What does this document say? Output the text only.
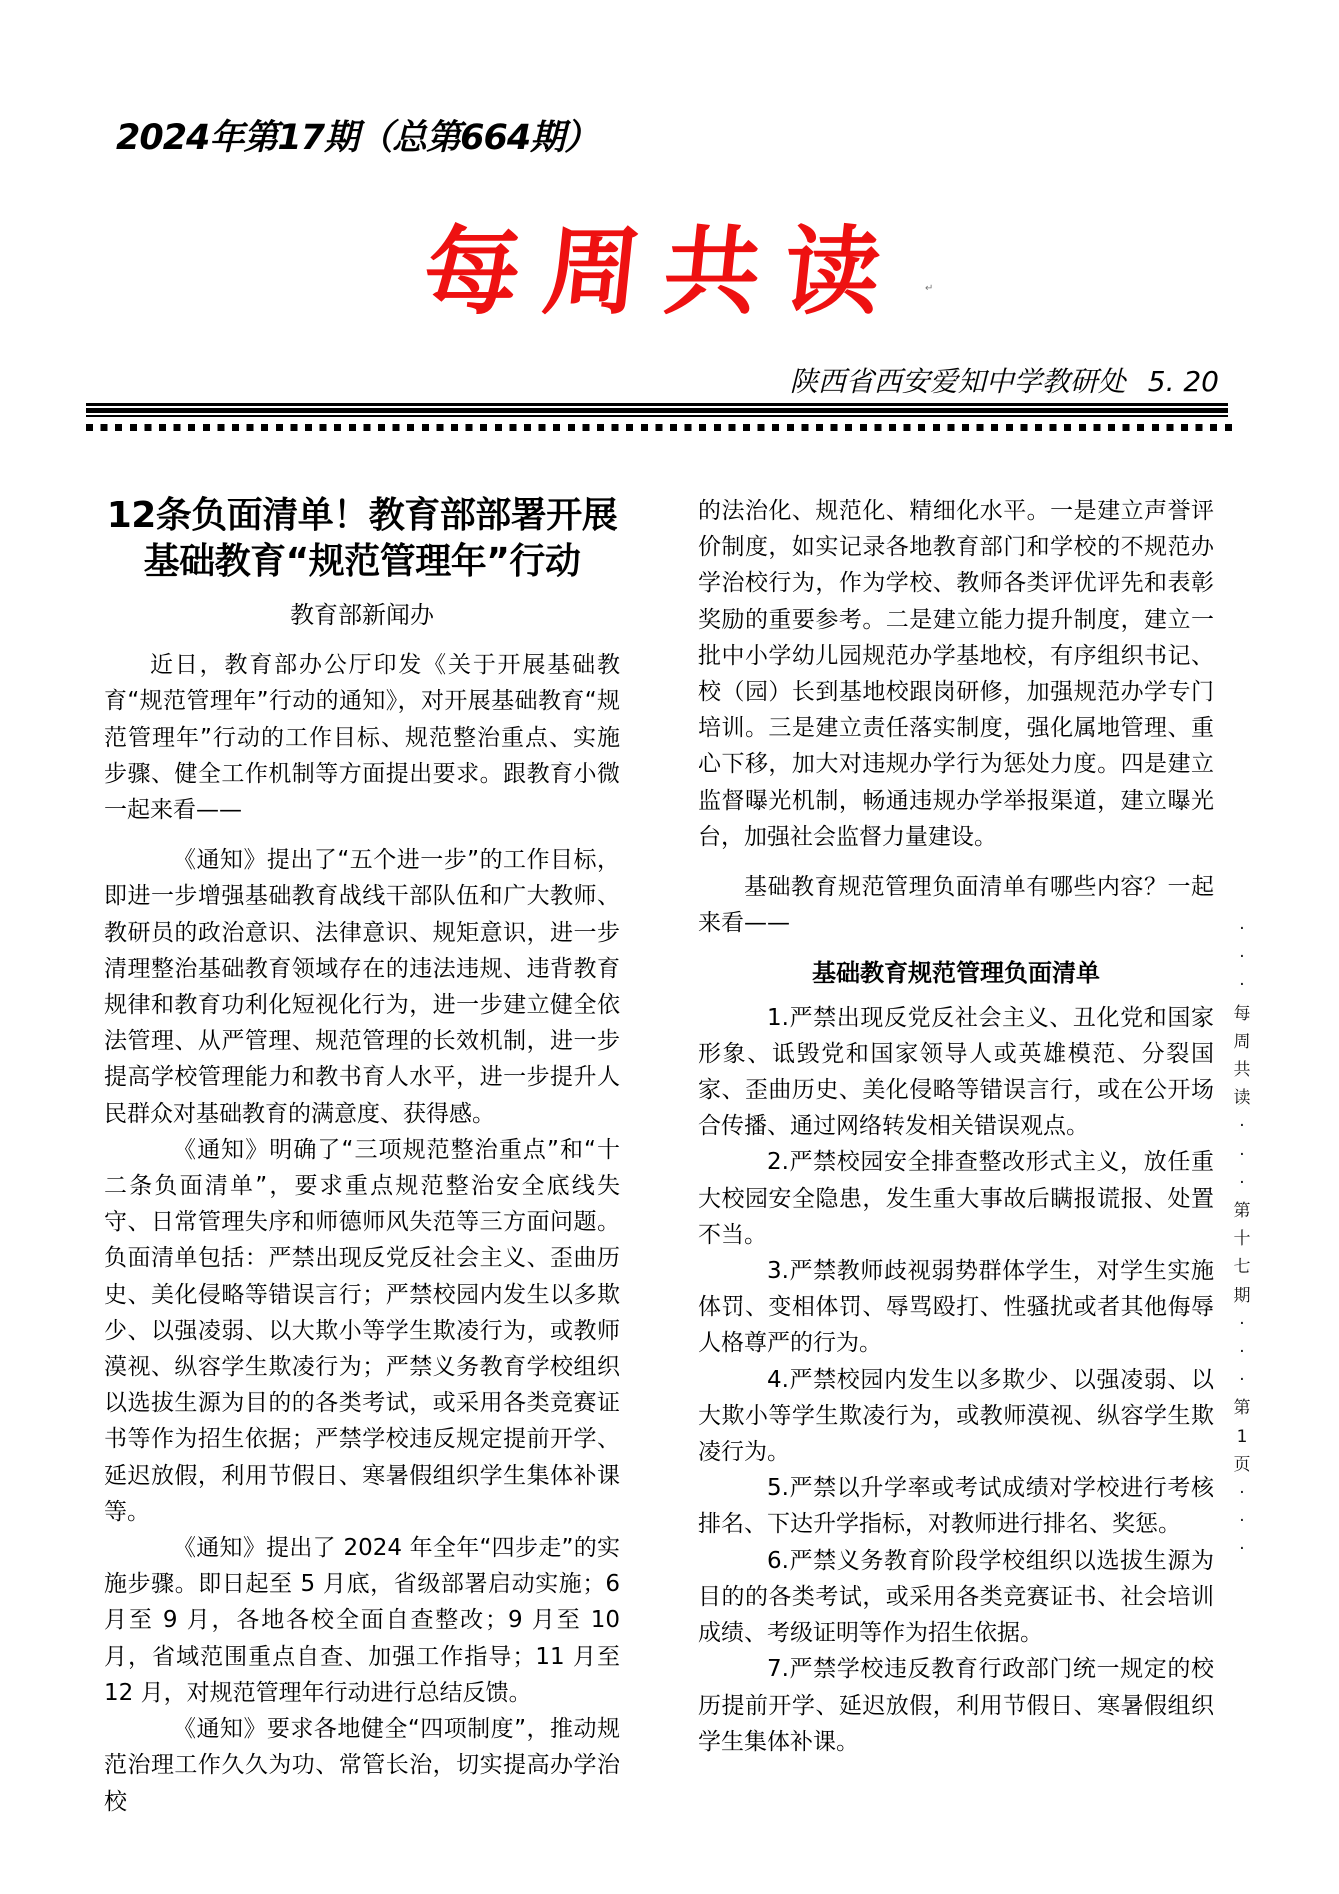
2024年第17期（总第664期）
每周共读 ↵
陕西省西安爱知中学教研处 5. 20
12条负面清单！教育部部署开展
基础教育“规范管理年”行动
教育部新闻办

近日，教育部办公厅印发《关于开展基础教育“规范管理年”行动的通知》，对开展基础教育“规范管理年”行动的工作目标、规范整治重点、实施步骤、健全工作机制等方面提出要求。跟教育小微一起来看——

《通知》提出了“五个进一步”的工作目标，即进一步增强基础教育战线干部队伍和广大教师、教研员的政治意识、法律意识、规矩意识，进一步清理整治基础教育领域存在的违法违规、违背教育规律和教育功利化短视化行为，进一步建立健全依法管理、从严管理、规范管理的长效机制，进一步提高学校管理能力和教书育人水平，进一步提升人民群众对基础教育的满意度、获得感。

《通知》明确了“三项规范整治重点”和“十二条负面清单”，要求重点规范整治安全底线失守、日常管理失序和师德师风失范等三方面问题。负面清单包括：严禁出现反党反社会主义、歪曲历史、美化侵略等错误言行；严禁校园内发生以多欺少、以强凌弱、以大欺小等学生欺凌行为，或教师漠视、纵容学生欺凌行为；严禁义务教育学校组织以选拔生源为目的的各类考试，或采用各类竞赛证书等作为招生依据；严禁学校违反规定提前开学、延迟放假，利用节假日、寒暑假组织学生集体补课等。

《通知》提出了 2024 年全年“四步走”的实施步骤。即日起至 5 月底，省级部署启动实施；6 月至 9 月，各地各校全面自查整改；9 月至 10 月，省域范围重点自查、加强工作指导；11 月至 12 月，对规范管理年行动进行总结反馈。

《通知》要求各地健全“四项制度”，推动规范治理工作久久为功、常管长治，切实提高办学治校

的法治化、规范化、精细化水平。一是建立声誉评价制度，如实记录各地教育部门和学校的不规范办学治校行为，作为学校、教师各类评优评先和表彰奖励的重要参考。二是建立能力提升制度，建立一批中小学幼儿园规范办学基地校，有序组织书记、校（园）长到基地校跟岗研修，加强规范办学专门培训。三是建立责任落实制度，强化属地管理、重心下移，加大对违规办学行为惩处力度。四是建立监督曝光机制，畅通违规办学举报渠道，建立曝光台，加强社会监督力量建设。

基础教育规范管理负面清单有哪些内容？一起来看——

基础教育规范管理负面清单

1.严禁出现反党反社会主义、丑化党和国家形象、诋毁党和国家领导人或英雄模范、分裂国家、歪曲历史、美化侵略等错误言行，或在公开场合传播、通过网络转发相关错误观点。

2.严禁校园安全排查整改形式主义，放任重大校园安全隐患，发生重大事故后瞒报谎报、处置不当。

3.严禁教师歧视弱势群体学生，对学生实施体罚、变相体罚、辱骂殴打、性骚扰或者其他侮辱人格尊严的行为。

4.严禁校园内发生以多欺少、以强凌弱、以大欺小等学生欺凌行为，或教师漠视、纵容学生欺凌行为。

5.严禁以升学率或考试成绩对学校进行考核排名、下达升学指标，对教师进行排名、奖惩。

6.严禁义务教育阶段学校组织以选拔生源为目的的各类考试，或采用各类竞赛证书、社会培训成绩、考级证明等作为招生依据。

7.严禁学校违反教育行政部门统一规定的校历提前开学、延迟放假，利用节假日、寒暑假组织学生集体补课。

·
·
·
每
周
共
读
·
·
·
第
十
七
期
·
·
·
第
1
页
·
·
·
